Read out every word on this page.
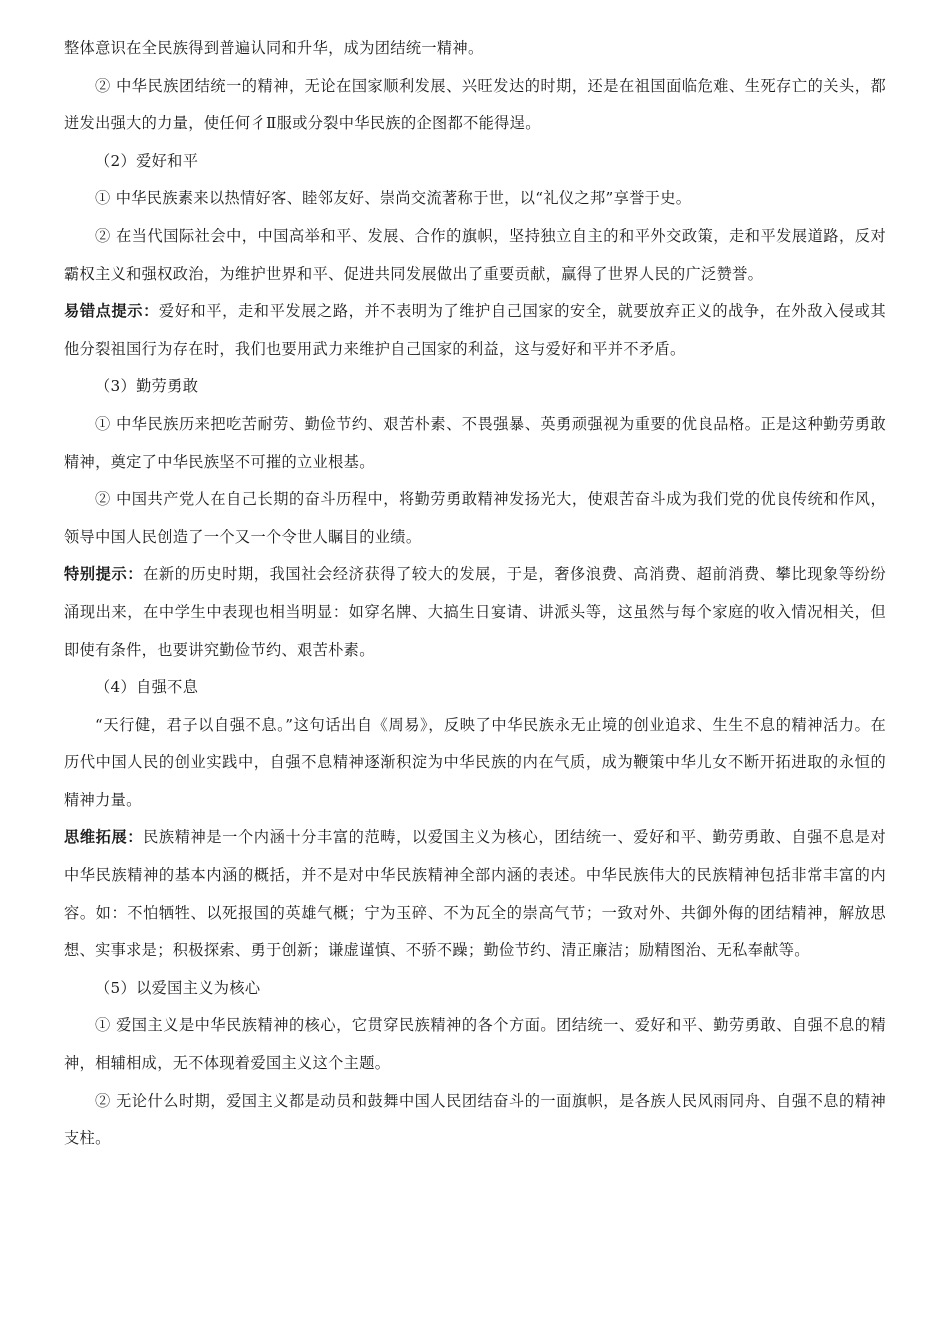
整体意识在全民族得到普遍认同和升华，成为团结统一精神。

② 中华民族团结统一的精神，无论在国家顺利发展、兴旺发达的时期，还是在祖国面临危难、生死存亡的关头，都迸发出强大的力量，使任何彳Ⅱ服或分裂中华民族的企图都不能得逞。

（2）爱好和平

① 中华民族素来以热情好客、睦邻友好、崇尚交流著称于世，以“礼仪之邦”享誉于史。

② 在当代国际社会中，中国高举和平、发展、合作的旗帜，坚持独立自主的和平外交政策，走和平发展道路，反对霸权主义和强权政治，为维护世界和平、促进共同发展做出了重要贡献，赢得了世界人民的广泛赞誉。

易错点提示：爱好和平，走和平发展之路，并不表明为了维护自己国家的安全，就要放弃正义的战争，在外敌入侵或其他分裂祖国行为存在时，我们也要用武力来维护自己国家的利益，这与爱好和平并不矛盾。

（3）勤劳勇敢

① 中华民族历来把吃苦耐劳、勤俭节约、艰苦朴素、不畏强暴、英勇顽强视为重要的优良品格。正是这种勤劳勇敢精神，奠定了中华民族坚不可摧的立业根基。

② 中国共产党人在自己长期的奋斗历程中，将勤劳勇敢精神发扬光大，使艰苦奋斗成为我们党的优良传统和作风，领导中国人民创造了一个又一个令世人瞩目的业绩。

特别提示：在新的历史时期，我国社会经济获得了较大的发展，于是，奢侈浪费、高消费、超前消费、攀比现象等纷纷涌现出来，在中学生中表现也相当明显：如穿名牌、大搞生日宴请、讲派头等，这虽然与每个家庭的收入情况相关，但即使有条件，也要讲究勤俭节约、艰苦朴素。

（4）自强不息

“天行健，君子以自强不息。”这句话出自《周易》，反映了中华民族永无止境的创业追求、生生不息的精神活力。在历代中国人民的创业实践中，自强不息精神逐渐积淀为中华民族的内在气质，成为鞭策中华儿女不断开拓进取的永恒的精神力量。

思维拓展：民族精神是一个内涵十分丰富的范畴，以爱国主义为核心，团结统一、爱好和平、勤劳勇敢、自强不息是对中华民族精神的基本内涵的概括，并不是对中华民族精神全部内涵的表述。中华民族伟大的民族精神包括非常丰富的内容。如：不怕牺牲、以死报国的英雄气概；宁为玉碎、不为瓦全的崇高气节；一致对外、共御外侮的团结精神，解放思想、实事求是；积极探索、勇于创新；谦虚谨慎、不骄不躁；勤俭节约、清正廉洁；励精图治、无私奉献等。

（5）以爱国主义为核心

① 爱国主义是中华民族精神的核心，它贯穿民族精神的各个方面。团结统一、爱好和平、勤劳勇敢、自强不息的精神，相辅相成，无不体现着爱国主义这个主题。

② 无论什么时期，爱国主义都是动员和鼓舞中国人民团结奋斗的一面旗帜，是各族人民风雨同舟、自强不息的精神支柱。
